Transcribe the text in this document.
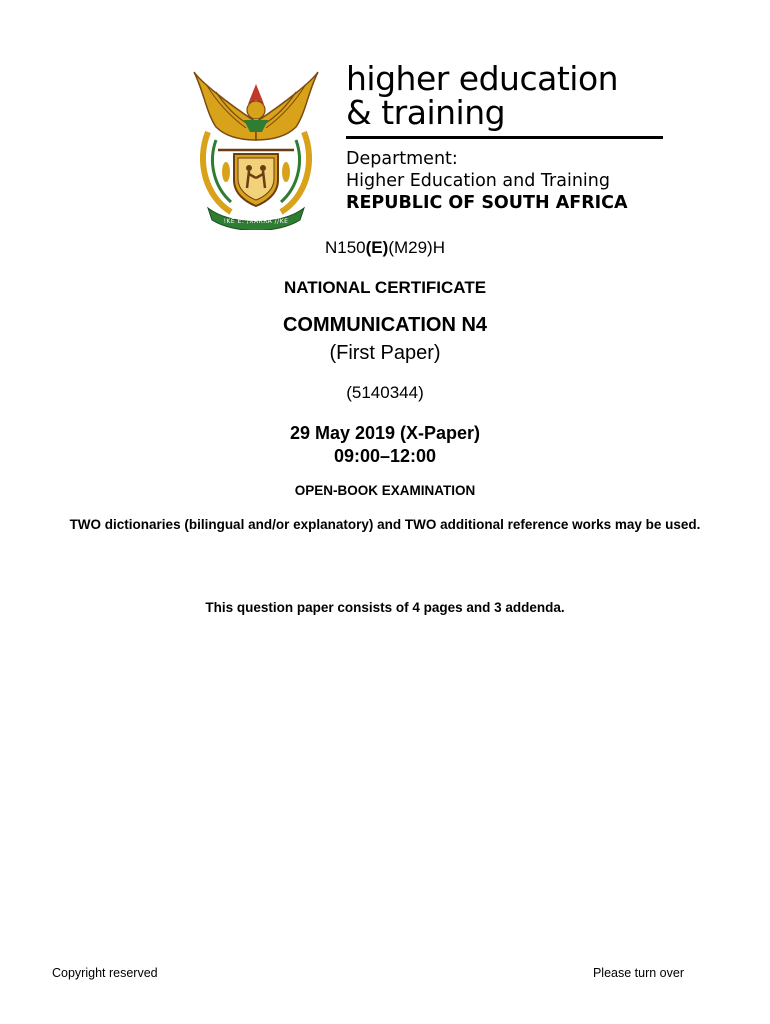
!KE E: /XARRA //KE
higher education
& training
Department:
Higher Education and Training
REPUBLIC OF SOUTH AFRICA
N150(E)(M29)H
NATIONAL CERTIFICATE
COMMUNICATION N4
(First Paper)
(5140344)
29 May 2019 (X-Paper)
09:00–12:00
OPEN-BOOK EXAMINATION
TWO dictionaries (bilingual and/or explanatory) and TWO additional reference works may be used.
This question paper consists of 4 pages and 3 addenda.
Copyright reserved	Please turn over
